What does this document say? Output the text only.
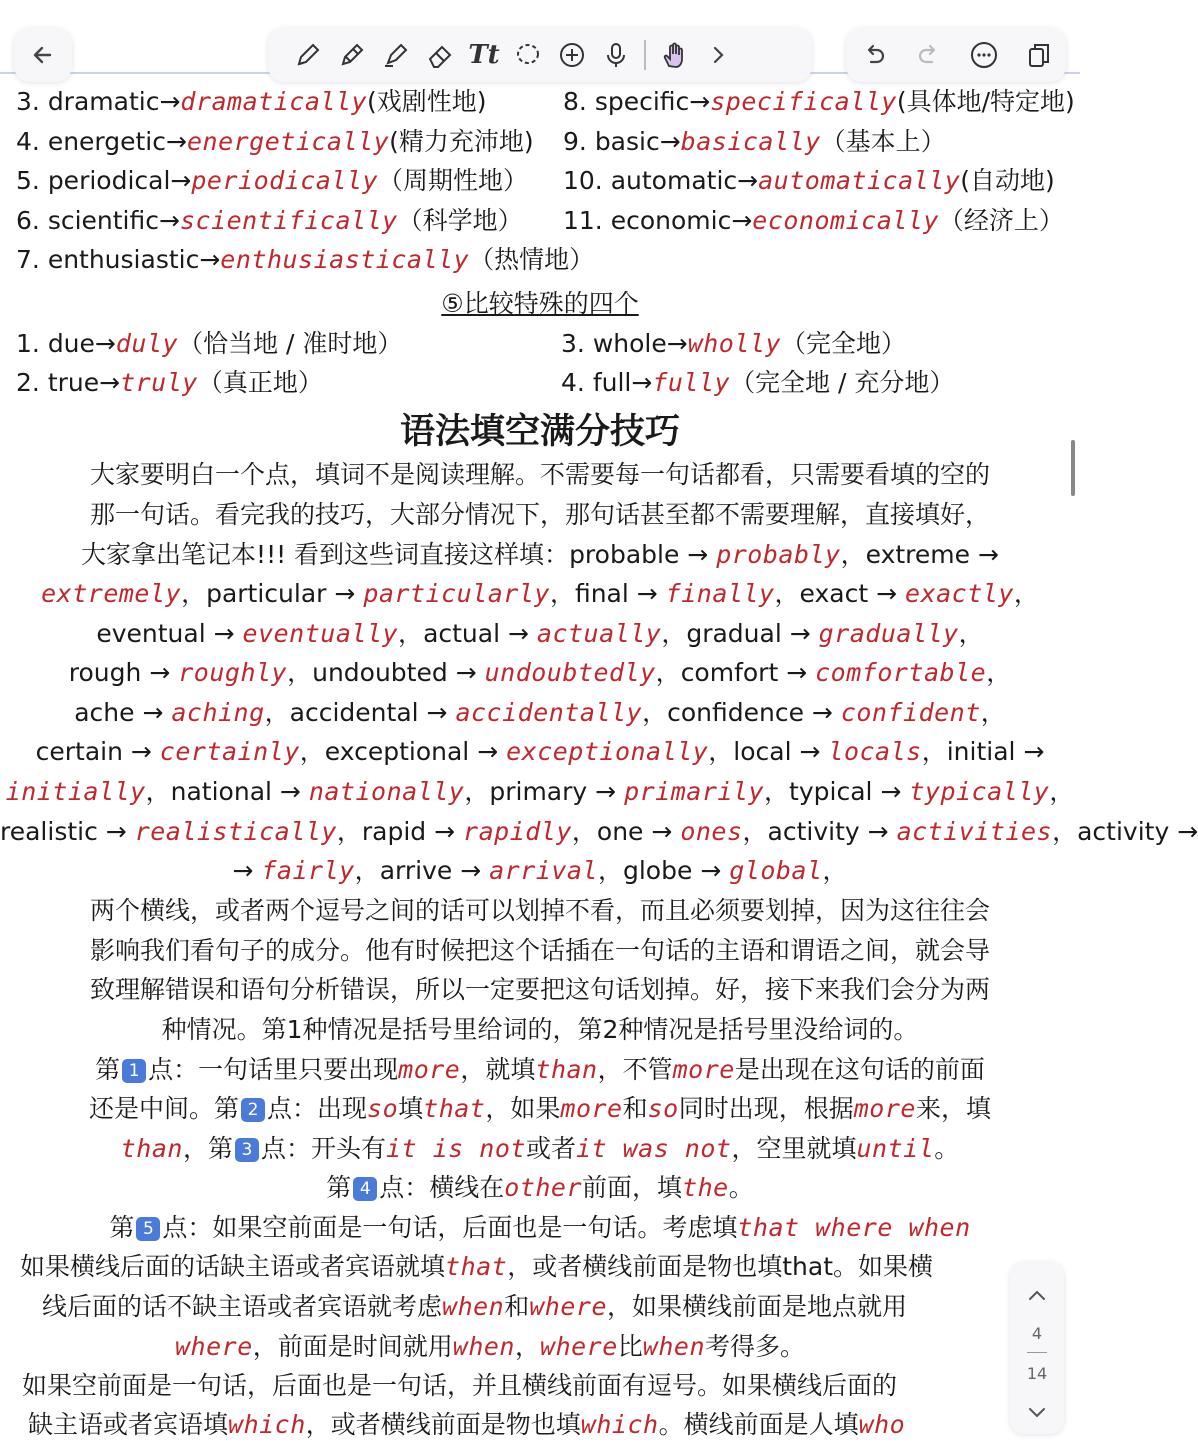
3. dramatic→dramatically(戏剧性地)
4. energetic→energetically(精力充沛地)
5. periodical→periodically（周期性地）
6. scientific→scientifically（科学地）
7. enthusiastic→enthusiastically（热情地）
8. specific→specifically(具体地/特定地)
9. basic→basically（基本上）
10. automatic→automatically(自动地)
11. economic→economically（经济上）
⑤比较特殊的四个
1. due→duly（恰当地 / 准时地）
2. true→truly（真正地）
3. whole→wholly（完全地）
4. full→fully（完全地 / 充分地）
语法填空满分技巧
大家要明白一个点，填词不是阅读理解。不需要每一句话都看，只需要看填的空的
那一句话。看完我的技巧，大部分情况下，那句话甚至都不需要理解，直接填好，
大家拿出笔记本!!! 看到这些词直接这样填：probable → probably，extreme →
extremely，particular → particularly，final → finally，exact → exactly，
eventual → eventually，actual → actually，gradual → gradually，
rough → roughly，undoubted → undoubtedly，comfort → comfortable，
ache → aching，accidental → accidentally，confidence → confident，
certain → certainly，exceptional → exceptionally，local → locals，initial →
initially，national → nationally，primary → primarily，typical → typically，
realistic → realistically，rapid → rapidly，one → ones，activity → activities，activity →
→ fairly，arrive → arrival，globe → global，
两个横线，或者两个逗号之间的话可以划掉不看，而且必须要划掉，因为这往往会
影响我们看句子的成分。他有时候把这个话插在一句话的主语和谓语之间，就会导
致理解错误和语句分析错误，所以一定要把这句话划掉。好，接下来我们会分为两
种情况。第1种情况是括号里给词的，第2种情况是括号里没给词的。
第 1 点：一句话里只要出现more，就填than，不管more是出现在这句话的前面
还是中间。第 2 点：出现so填that，如果more和so同时出现，根据more来，填
than，第 3 点：开头有it is not或者it was not，空里就填until。
第 4 点：横线在other前面，填the。
第 5 点：如果空前面是一句话，后面也是一句话。考虑填that where when
如果横线后面的话缺主语或者宾语就填that，或者横线前面是物也填that。如果横
线后面的话不缺主语或者宾语就考虑when和where，如果横线前面是地点就用
where，前面是时间就用when，where比when考得多。
如果空前面是一句话，后面也是一句话，并且横线前面有逗号。如果横线后面的
缺主语或者宾语填which，或者横线前面是物也填which。横线前面是人填who
Tt
4
14
